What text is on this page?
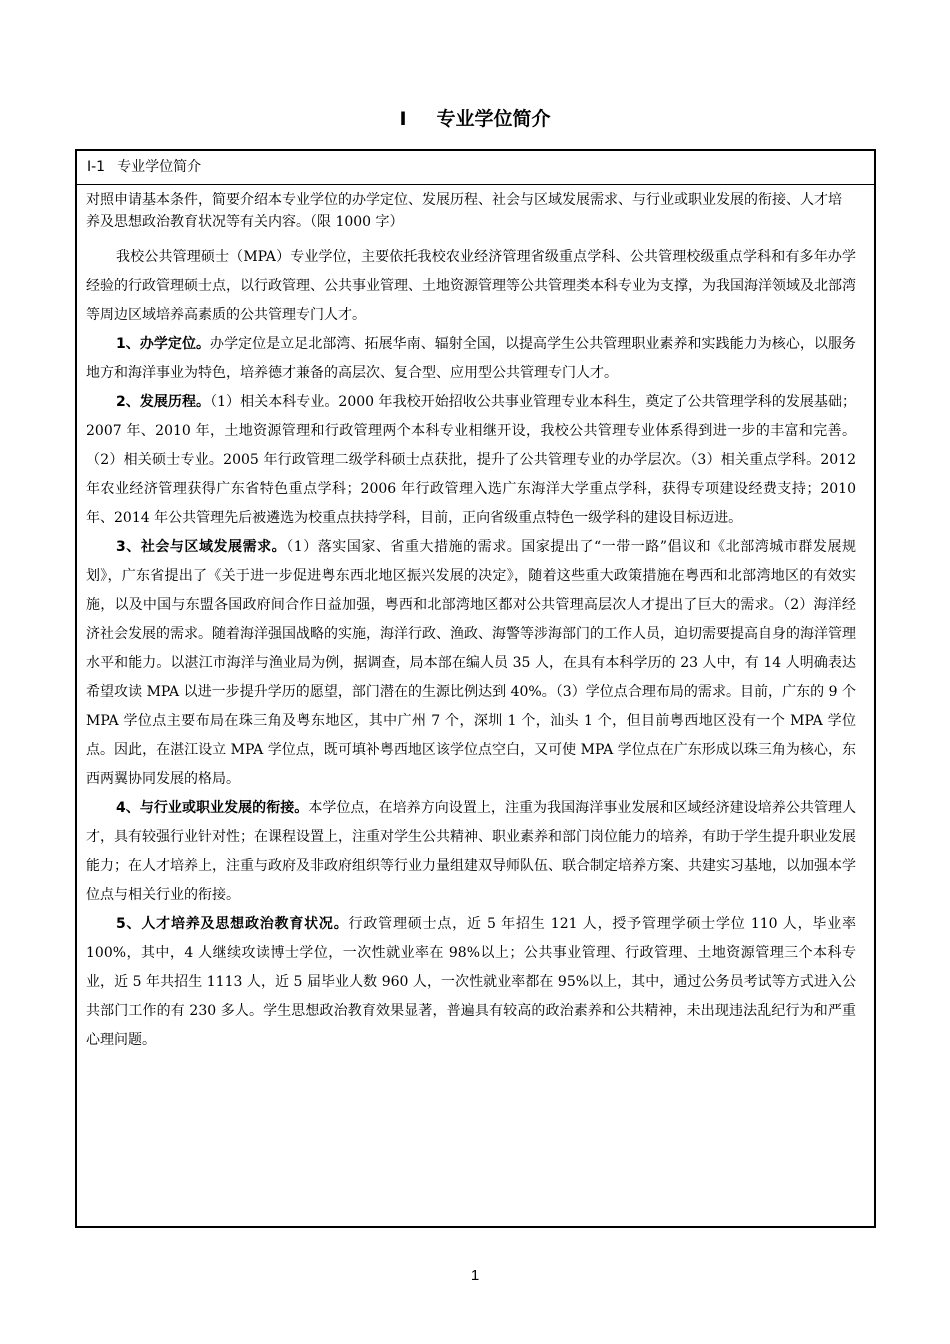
I 专业学位简介
I-1 专业学位简介
对照申请基本条件，简要介绍本专业学位的办学定位、发展历程、社会与区域发展需求、与行业或职业发展的衔接、人才培养及思想政治教育状况等有关内容。（限 1000 字）

我校公共管理硕士（MPA）专业学位，主要依托我校农业经济管理省级重点学科、公共管理校级重点学科和有多年办学经验的行政管理硕士点，以行政管理、公共事业管理、土地资源管理等公共管理类本科专业为支撑，为我国海洋领域及北部湾等周边区域培养高素质的公共管理专门人才。

1、办学定位。办学定位是立足北部湾、拓展华南、辐射全国，以提高学生公共管理职业素养和实践能力为核心，以服务地方和海洋事业为特色，培养德才兼备的高层次、复合型、应用型公共管理专门人才。

2、发展历程。（1）相关本科专业。2000 年我校开始招收公共事业管理专业本科生，奠定了公共管理学科的发展基础；2007 年、2010 年，土地资源管理和行政管理两个本科专业相继开设，我校公共管理专业体系得到进一步的丰富和完善。（2）相关硕士专业。2005 年行政管理二级学科硕士点获批，提升了公共管理专业的办学层次。（3）相关重点学科。2012 年农业经济管理获得广东省特色重点学科；2006 年行政管理入选广东海洋大学重点学科，获得专项建设经费支持；2010 年、2014 年公共管理先后被遴选为校重点扶持学科，目前，正向省级重点特色一级学科的建设目标迈进。

3、社会与区域发展需求。（1）落实国家、省重大措施的需求。国家提出了“一带一路”倡议和《北部湾城市群发展规划》，广东省提出了《关于进一步促进粤东西北地区振兴发展的决定》，随着这些重大政策措施在粤西和北部湾地区的有效实施，以及中国与东盟各国政府间合作日益加强，粤西和北部湾地区都对公共管理高层次人才提出了巨大的需求。（2）海洋经济社会发展的需求。随着海洋强国战略的实施，海洋行政、渔政、海警等涉海部门的工作人员，迫切需要提高自身的海洋管理水平和能力。以湛江市海洋与渔业局为例，据调查，局本部在编人员 35 人，在具有本科学历的 23 人中，有 14 人明确表达希望攻读 MPA 以进一步提升学历的愿望，部门潜在的生源比例达到 40%。（3）学位点合理布局的需求。目前，广东的 9 个 MPA 学位点主要布局在珠三角及粤东地区，其中广州 7 个，深圳 1 个，汕头 1 个，但目前粤西地区没有一个 MPA 学位点。因此，在湛江设立 MPA 学位点，既可填补粤西地区该学位点空白，又可使 MPA 学位点在广东形成以珠三角为核心，东西两翼协同发展的格局。

4、与行业或职业发展的衔接。本学位点，在培养方向设置上，注重为我国海洋事业发展和区域经济建设培养公共管理人才，具有较强行业针对性；在课程设置上，注重对学生公共精神、职业素养和部门岗位能力的培养，有助于学生提升职业发展能力；在人才培养上，注重与政府及非政府组织等行业力量组建双导师队伍、联合制定培养方案、共建实习基地，以加强本学位点与相关行业的衔接。

5、人才培养及思想政治教育状况。行政管理硕士点，近 5 年招生 121 人，授予管理学硕士学位 110 人，毕业率 100%，其中，4 人继续攻读博士学位，一次性就业率在 98%以上；公共事业管理、行政管理、土地资源管理三个本科专业，近 5 年共招生 1113 人，近 5 届毕业人数 960 人，一次性就业率都在 95%以上，其中，通过公务员考试等方式进入公共部门工作的有 230 多人。学生思想政治教育效果显著，普遍具有较高的政治素养和公共精神，未出现违法乱纪行为和严重心理问题。

1
